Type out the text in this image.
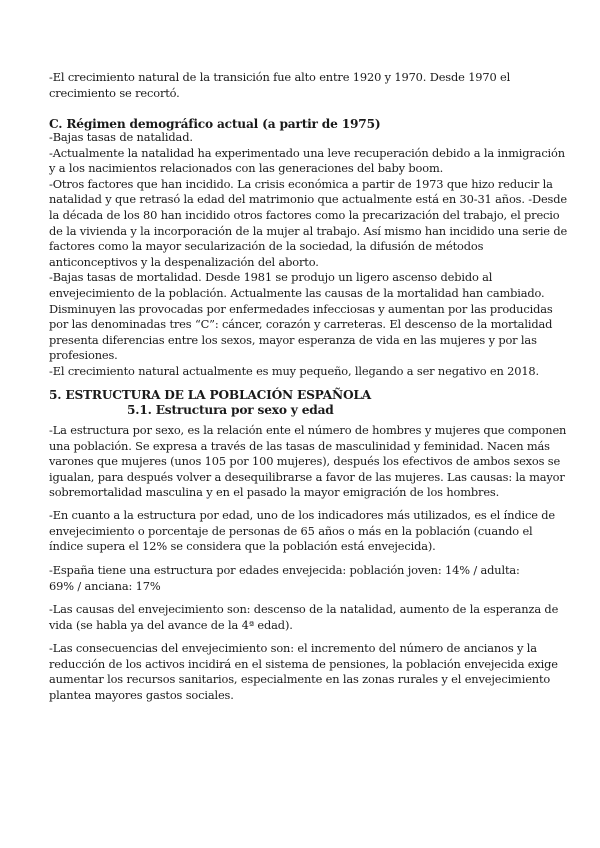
-El crecimiento natural de la transición fue alto entre 1920 y 1970. Desde 1970 el
crecimiento se recortó.
C. Régimen demográfico actual (a partir de 1975)
-Bajas tasas de natalidad.
-Actualmente la natalidad ha experimentado una leve recuperación debido a la inmigración
y a los nacimientos relacionados con las generaciones del baby boom.
-Otros factores que han incidido. La crisis económica a partir de 1973 que hizo reducir la
natalidad y que retrasó la edad del matrimonio que actualmente está en 30-31 años. -Desde
la década de los 80 han incidido otros factores como la precarización del trabajo, el precio
de la vivienda y la incorporación de la mujer al trabajo. Así mismo han incidido una serie de
factores como la mayor secularización de la sociedad, la difusión de métodos
anticonceptivos y la despenalización del aborto.
-Bajas tasas de mortalidad. Desde 1981 se produjo un ligero ascenso debido al
envejecimiento de la población. Actualmente las causas de la mortalidad han cambiado.
Disminuyen las provocadas por enfermedades infecciosas y aumentan por las producidas
por las denominadas tres “C”: cáncer, corazón y carreteras. El descenso de la mortalidad
presenta diferencias entre los sexos, mayor esperanza de vida en las mujeres y por las
profesiones.
-El crecimiento natural actualmente es muy pequeño, llegando a ser negativo en 2018.
5. ESTRUCTURA DE LA POBLACIÓN ESPAÑOLA
5.1. Estructura por sexo y edad
-La estructura por sexo, es la relación ente el número de hombres y mujeres que componen
una población. Se expresa a través de las tasas de masculinidad y feminidad. Nacen más
varones que mujeres (unos 105 por 100 mujeres), después los efectivos de ambos sexos se
igualan, para después volver a desequilibrarse a favor de las mujeres. Las causas: la mayor
sobremortalidad masculina y en el pasado la mayor emigración de los hombres.
-En cuanto a la estructura por edad, uno de los indicadores más utilizados, es el índice de
envejecimiento o porcentaje de personas de 65 años o más en la población (cuando el
índice supera el 12% se considera que la población está envejecida).
-España tiene una estructura por edades envejecida: población joven: 14% / adulta:
69% / anciana: 17%
-Las causas del envejecimiento son: descenso de la natalidad, aumento de la esperanza de
vida (se habla ya del avance de la 4ª edad).
-Las consecuencias del envejecimiento son: el incremento del número de ancianos y la
reducción de los activos incidirá en el sistema de pensiones, la población envejecida exige
aumentar los recursos sanitarios, especialmente en las zonas rurales y el envejecimiento
plantea mayores gastos sociales.
